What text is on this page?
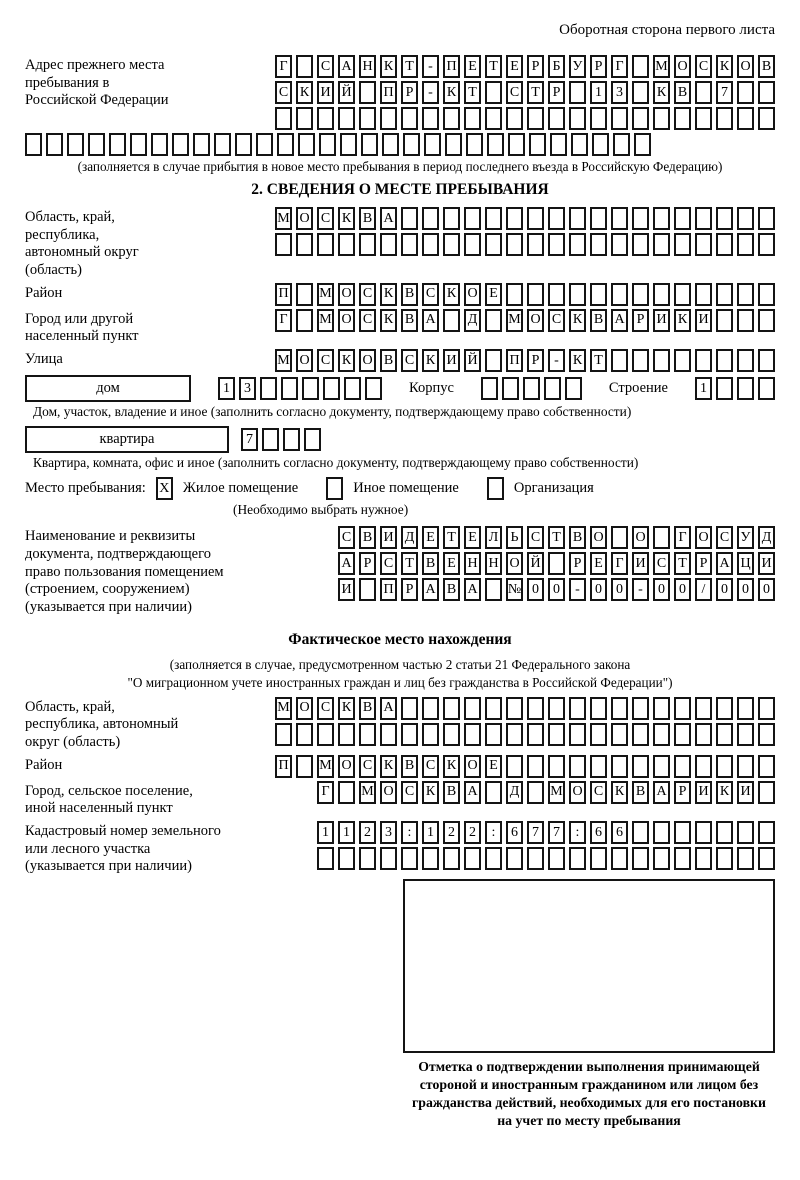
Оборотная сторона первого листа
Адрес прежнего места пребывания в Российской Федерации
Г	С А Н К Т	- П Е Т Е Р Б У Р Г	М О С К О В
С К И Й П Р	-	К Т	С Т Р	1	3	К В	7
(заполняется в случае прибытия в новое место пребывания в период последнего въезда в Российскую Федерацию)
2. СВЕДЕНИЯ О МЕСТЕ ПРЕБЫВАНИЯ
Область, край, республика, автономный округ (область)
М О С К В А
Район	П М О С К В С К О Е
Город или другой населенный пункт
Г	М О С К В А Д М О С К В А Р И К И
Улица	М О С К О В С К И Й П Р	-	К Т
дом	1	3	Корпус	Строение	1
Дом, участок, владение и иное (заполнить согласно документу, подтверждающему право собственности)
квартира	7
Квартира, комната, офис и иное (заполнить согласно документу, подтверждающему право собственности)
Место пребывания: X Жилое помещение	Иное помещение	Организация
(Необходимо выбрать нужное)
Наименование и реквизиты документа, подтверждающего право пользования помещением (строением, сооружением) (указывается при наличии)
С В И Д Е Т Е Л Ь С Т В О О	Г О С У Д
А Р С Т В Е Н Н О Й	Р Е Г И С Т Р А Ц И
И П Р А В А № 0	0	-	0	0	-	0	0	/	0	0	0
Фактическое место нахождения
(заполняется в случае, предусмотренном частью 2 статьи 21 Федерального закона
"О миграционном учете иностранных граждан и лиц без гражданства в Российской Федерации")
Область, край, республика, автономный округ (область)
М О С К В А
Район	П М О С К В С К О Е
Город, сельское поселение, иной населенный пункт
Г	М О С К В А Д М О С К В А Р И К И
Кадастровый номер земельного или лесного участка (указывается при наличии)
1	1	2	3	:	1	2	2	:	6	7	7	:	6	6
Отметка о подтверждении выполнения принимающей стороной и иностранным гражданином или лицом без гражданства действий, необходимых для его постановки на учет по месту пребывания
